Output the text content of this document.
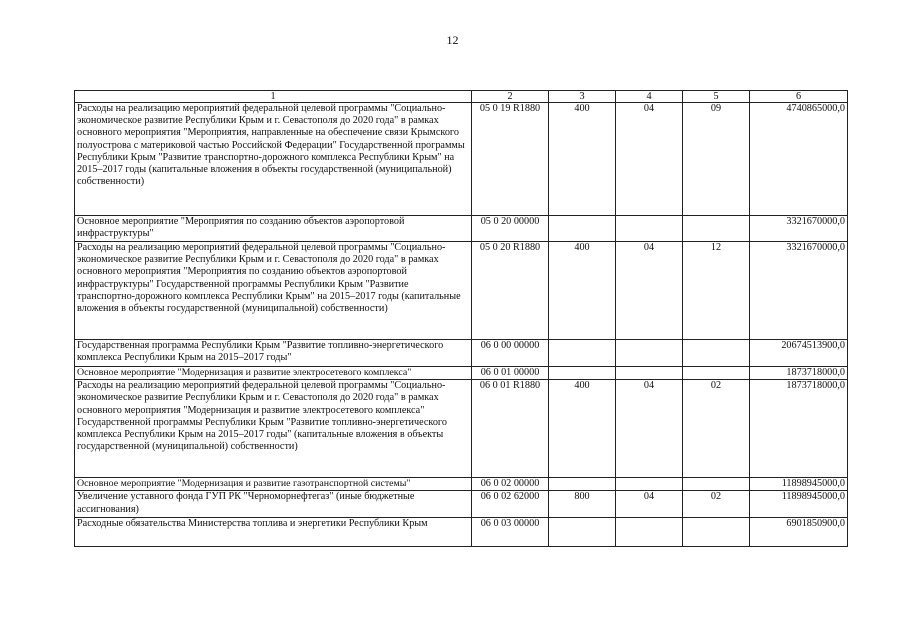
12
1	2	3	4	5	6
Расходы на реализацию мероприятий федеральной целевой программы "Социально-экономическое развитие Республики Крым и г. Севастополя до 2020 года" в рамках основного мероприятия "Мероприятия, направленные на обеспечение связи Крымского полуострова с материковой частью Российской Федерации" Государственной программы Республики Крым "Развитие транспортно-дорожного комплекса Республики Крым" на 2015–2017 годы (капитальные вложения в объекты государственной (муниципальной) собственности)	05 0 19 R1880	400	04	09	4740865000,0
Основное мероприятие "Мероприятия по созданию объектов аэропортовой инфраструктуры"	05 0 20 00000				3321670000,0
Расходы на реализацию мероприятий федеральной целевой программы "Социально-экономическое развитие Республики Крым и г. Севастополя до 2020 года" в рамках основного мероприятия "Мероприятия по созданию объектов аэропортовой инфраструктуры" Государственной программы Республики Крым "Развитие транспортно-дорожного комплекса Республики Крым" на 2015–2017 годы (капитальные вложения в объекты государственной (муниципальной) собственности)	05 0 20 R1880	400	04	12	3321670000,0
Государственная программа Республики Крым "Развитие топливно-энергетического комплекса Республики Крым на 2015–2017 годы"	06 0 00 00000				20674513900,0
Основное мероприятие "Модернизация и развитие электросетевого комплекса"	06 0 01 00000				1873718000,0
Расходы на реализацию мероприятий федеральной целевой программы "Социально-экономическое развитие Республики Крым и г. Севастополя до 2020 года" в рамках основного мероприятия "Модернизация и развитие электросетевого комплекса" Государственной программы Республики Крым "Развитие топливно-энергетического комплекса Республики Крым на 2015–2017 годы" (капитальные вложения в объекты государственной (муниципальной) собственности)	06 0 01 R1880	400	04	02	1873718000,0
Основное мероприятие "Модернизация и развитие газотранспортной системы"	06 0 02 00000				11898945000,0
Увеличение уставного фонда ГУП РК "Черноморнефтегаз" (иные бюджетные ассигнования)	06 0 02 62000	800	04	02	11898945000,0
Расходные обязательства Министерства топлива и энергетики Республики Крым	06 0 03 00000				6901850900,0
